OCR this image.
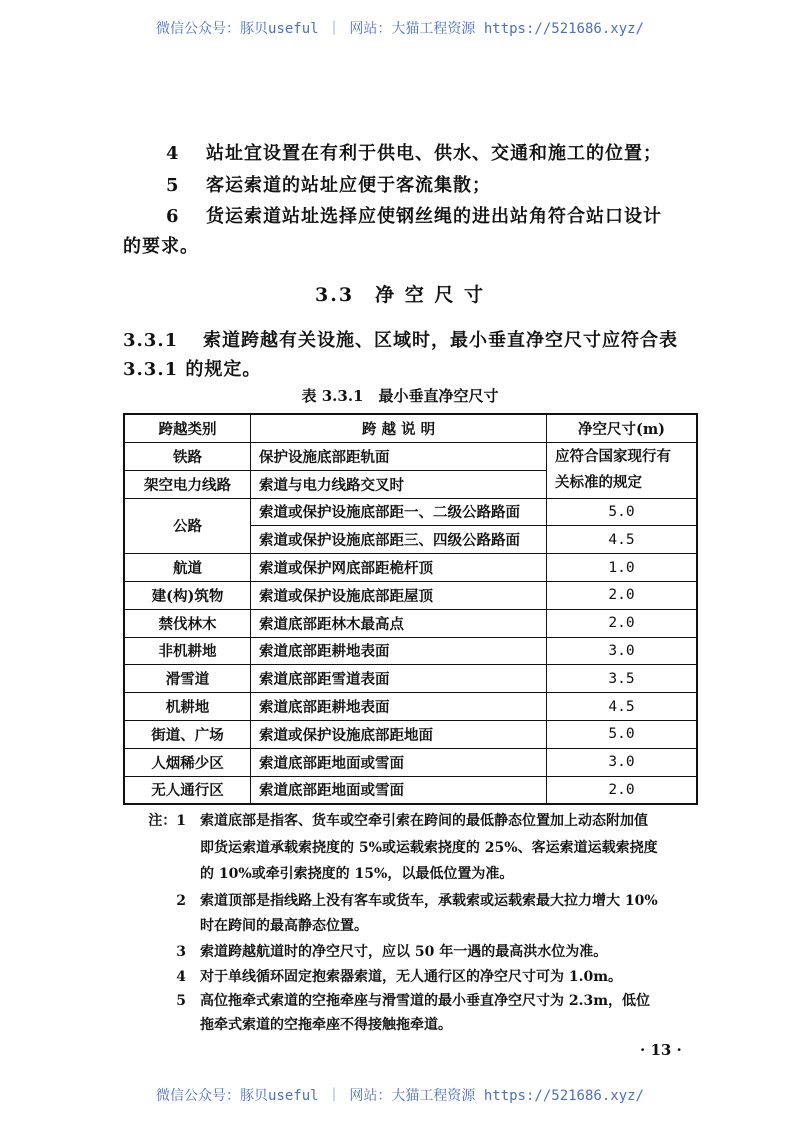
微信公众号：豚贝useful ｜ 网站：大猫工程资源 https://521686.xyz/
4 站址宜设置在有利于供电、供水、交通和施工的位置；
5 客运索道的站址应便于客流集散；
6 货运索道站址选择应使钢丝绳的进出站角符合站口设计
的要求。
3.3　 净 空 尺 寸
3.3.1 索道跨越有关设施、区域时，最小垂直净空尺寸应符合表
3.3.1 的规定。
表 3.3.1　最小垂直净空尺寸
跨越类别	跨 越 说 明	净空尺寸(m)
铁路	保护设施底部距轨面	应符合国家现行有
关标准的规定
架空电力线路	索道与电力线路交叉时	
公路	索道或保护设施底部距一、二级公路路面	5.0
	索道或保护设施底部距三、四级公路路面	4.5
航道	索道或保护网底部距桅杆顶	1.0
建(构)筑物	索道或保护设施底部距屋顶	2.0
禁伐林木	索道底部距林木最高点	2.0
非机耕地	索道底部距耕地表面	3.0
滑雪道	索道底部距雪道表面	3.5
机耕地	索道底部距耕地表面	4.5
街道、广场	索道或保护设施底部距地面	5.0
人烟稀少区	索道底部距地面或雪面	3.0
无人通行区	索道底部距地面或雪面	2.0
注：1 索道底部是指客、货车或空牵引索在跨间的最低静态位置加上动态附加值
即货运索道承载索挠度的 5%或运载索挠度的 25%、客运索道运载索挠度
的 10%或牵引索挠度的 15%，以最低位置为准。
2 索道顶部是指线路上没有客车或货车，承载索或运载索最大拉力增大 10%
时在跨间的最高静态位置。
3 索道跨越航道时的净空尺寸，应以 50 年一遇的最高洪水位为准。
4 对于单线循环固定抱索器索道，无人通行区的净空尺寸可为 1.0m。
5 高位拖牵式索道的空拖牵座与滑雪道的最小垂直净空尺寸为 2.3m，低位
拖牵式索道的空拖牵座不得接触拖牵道。
· 13 ·
微信公众号：豚贝useful ｜ 网站：大猫工程资源 https://521686.xyz/
